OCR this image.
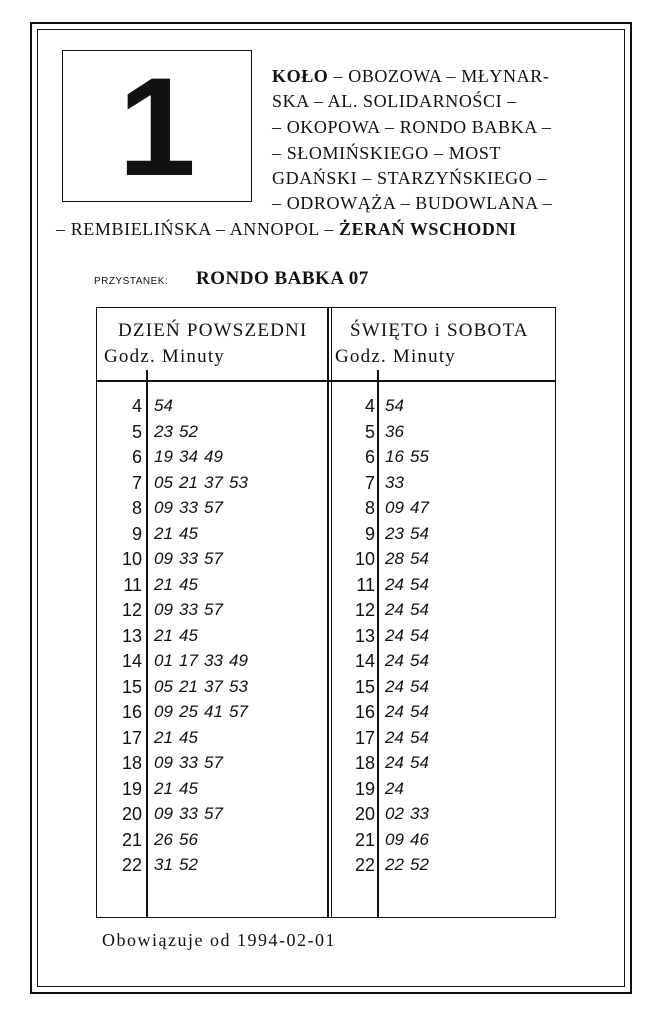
1	KOŁO – OBOZOWA – MŁYNAR-
SKA – AL. SOLIDARNOŚCI –
– OKOPOWA – RONDO BABKA –
– SŁOMIŃSKIEGO – MOST
GDAŃSKI – STARZYŃSKIEGO –
– ODROWĄŻA – BUDOWLANA –
– REMBIELIŃSKA – ANNOPOL – ŻERAŃ WSCHODNI
PRZYSTANEK: RONDO BABKA 07
DZIEŃ POWSZEDNI
Godz. Minuty
ŚWIĘTO i SOBOTA
Godz. Minuty
4 54
5 23 52
6 19 34 49
7 05 21 37 53
8 09 33 57
9 21 45
10 09 33 57
11 21 45
12 09 33 57
13 21 45
14 01 17 33 49
15 05 21 37 53
16 09 25 41 57
17 21 45
18 09 33 57
19 21 45
20 09 33 57
21 26 56
22 31 52
4 54
5 36
6 16 55
7 33
8 09 47
9 23 54
10 28 54
11 24 54
12 24 54
13 24 54
14 24 54
15 24 54
16 24 54
17 24 54
18 24 54
19 24
20 02 33
21 09 46
22 22 52
Obowiązuje od 1994-02-01
